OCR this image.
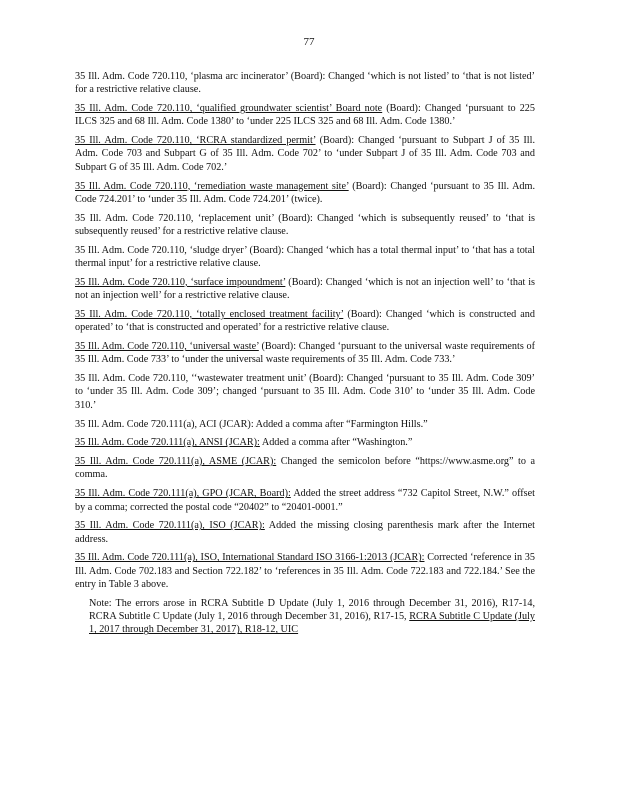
77
35 Ill. Adm. Code 720.110, ‘plasma arc incinerator’ (Board): Changed ‘which is not listed’ to ‘that is not listed’ for a restrictive relative clause.
35 Ill. Adm. Code 720.110, ‘qualified groundwater scientist’ Board note (Board): Changed ‘pursuant to 225 ILCS 325 and 68 Ill. Adm. Code 1380’ to ‘under 225 ILCS 325 and 68 Ill. Adm. Code 1380.’
35 Ill. Adm. Code 720.110, ‘RCRA standardized permit’ (Board): Changed ‘pursuant to Subpart J of 35 Ill. Adm. Code 703 and Subpart G of 35 Ill. Adm. Code 702’ to ‘under Subpart J of 35 Ill. Adm. Code 703 and Subpart G of 35 Ill. Adm. Code 702.’
35 Ill. Adm. Code 720.110, ‘remediation waste management site’ (Board): Changed ‘pursuant to 35 Ill. Adm. Code 724.201’ to ‘under 35 Ill. Adm. Code 724.201’ (twice).
35 Ill. Adm. Code 720.110, ‘replacement unit’ (Board): Changed ‘which is subsequently reused’ to ‘that is subsequently reused’ for a restrictive relative clause.
35 Ill. Adm. Code 720.110, ‘sludge dryer’ (Board): Changed ‘which has a total thermal input’ to ‘that has a total thermal input’ for a restrictive relative clause.
35 Ill. Adm. Code 720.110, ‘surface impoundment’ (Board): Changed ‘which is not an injection well’ to ‘that is not an injection well’ for a restrictive relative clause.
35 Ill. Adm. Code 720.110, ‘totally enclosed treatment facility’ (Board): Changed ‘which is constructed and operated’ to ‘that is constructed and operated’ for a restrictive relative clause.
35 Ill. Adm. Code 720.110, ‘universal waste’ (Board): Changed ‘pursuant to the universal waste requirements of 35 Ill. Adm. Code 733’ to ‘under the universal waste requirements of 35 Ill. Adm. Code 733.’
35 Ill. Adm. Code 720.110, ‘‘wastewater treatment unit’ (Board): Changed ‘pursuant to 35 Ill. Adm. Code 309’ to ‘under 35 Ill. Adm. Code 309’; changed ‘pursuant to 35 Ill. Adm. Code 310’ to ‘under 35 Ill. Adm. Code 310.’
35 Ill. Adm. Code 720.111(a), ACI (JCAR): Added a comma after “Farmington Hills.”
35 Ill. Adm. Code 720.111(a), ANSI (JCAR): Added a comma after “Washington.”
35 Ill. Adm. Code 720.111(a), ASME (JCAR): Changed the semicolon before “https://www.asme.org” to a comma.
35 Ill. Adm. Code 720.111(a), GPO (JCAR, Board): Added the street address “732 Capitol Street, N.W.” offset by a comma; corrected the postal code “20402” to “20401-0001.”
35 Ill. Adm. Code 720.111(a), ISO (JCAR): Added the missing closing parenthesis mark after the Internet address.
35 Ill. Adm. Code 720.111(a), ISO, International Standard ISO 3166-1:2013 (JCAR): Corrected ‘reference in 35 Ill. Adm. Code 702.183 and Section 722.182’ to ‘references in 35 Ill. Adm. Code 722.183 and 722.184.’ See the entry in Table 3 above.
Note: The errors arose in RCRA Subtitle D Update (July 1, 2016 through December 31, 2016), R17-14, RCRA Subtitle C Update (July 1, 2016 through December 31, 2016), R17-15, RCRA Subtitle C Update (July 1, 2017 through December 31, 2017), R18-12, UIC
